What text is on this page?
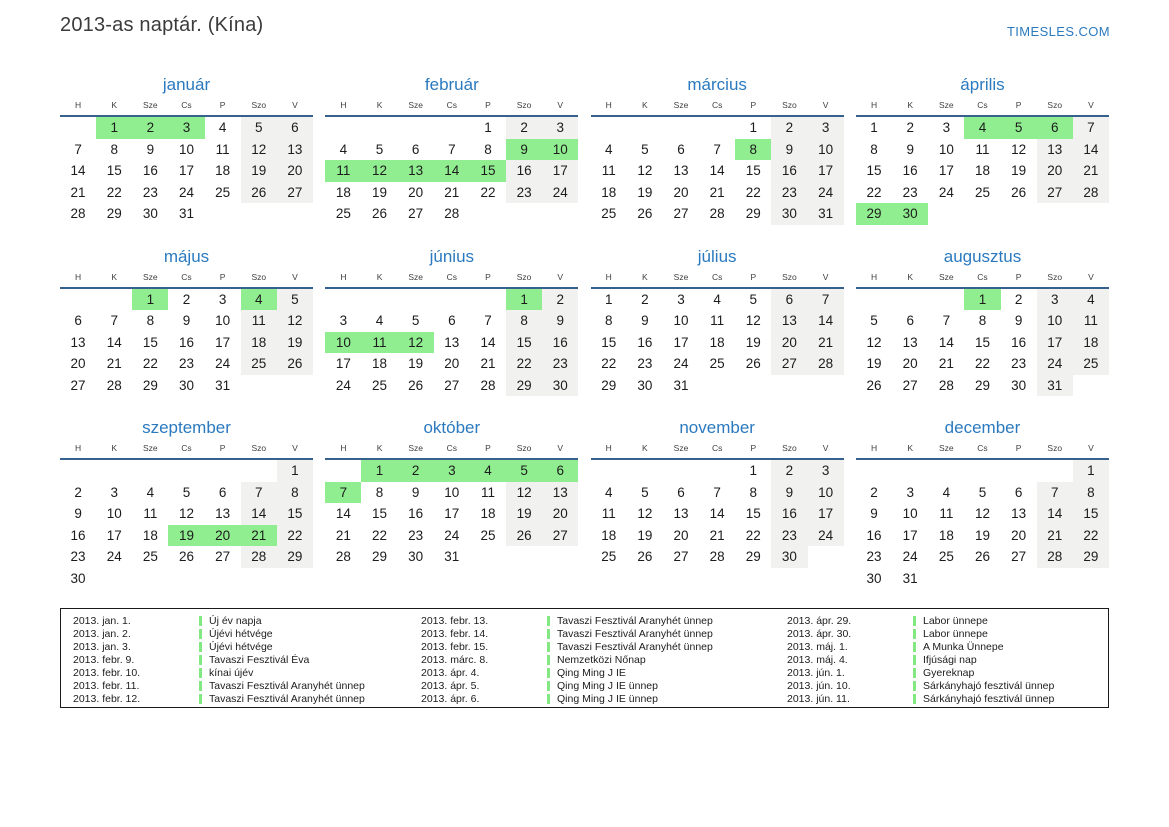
2013-as naptár. (Kína)	TIMESLES.COM
január
H	K	Sze	Cs	P	Szo	V
	1	2	3	4	5	6
7	8	9	10	11	12	13
14	15	16	17	18	19	20
21	22	23	24	25	26	27
28	29	30	31			
február
H	K	Sze	Cs	P	Szo	V
				1	2	3
4	5	6	7	8	9	10
11	12	13	14	15	16	17
18	19	20	21	22	23	24
25	26	27	28			
március
H	K	Sze	Cs	P	Szo	V
				1	2	3
4	5	6	7	8	9	10
11	12	13	14	15	16	17
18	19	20	21	22	23	24
25	26	27	28	29	30	31
április
H	K	Sze	Cs	P	Szo	V
1	2	3	4	5	6	7
8	9	10	11	12	13	14
15	16	17	18	19	20	21
22	23	24	25	26	27	28
29	30					
május
H	K	Sze	Cs	P	Szo	V
		1	2	3	4	5
6	7	8	9	10	11	12
13	14	15	16	17	18	19
20	21	22	23	24	25	26
27	28	29	30	31		
június
H	K	Sze	Cs	P	Szo	V
					1	2
3	4	5	6	7	8	9
10	11	12	13	14	15	16
17	18	19	20	21	22	23
24	25	26	27	28	29	30
július
H	K	Sze	Cs	P	Szo	V
1	2	3	4	5	6	7
8	9	10	11	12	13	14
15	16	17	18	19	20	21
22	23	24	25	26	27	28
29	30	31				
augusztus
H	K	Sze	Cs	P	Szo	V
			1	2	3	4
5	6	7	8	9	10	11
12	13	14	15	16	17	18
19	20	21	22	23	24	25
26	27	28	29	30	31	
szeptember
H	K	Sze	Cs	P	Szo	V
						1
2	3	4	5	6	7	8
9	10	11	12	13	14	15
16	17	18	19	20	21	22
23	24	25	26	27	28	29
30						
október
H	K	Sze	Cs	P	Szo	V
	1	2	3	4	5	6
7	8	9	10	11	12	13
14	15	16	17	18	19	20
21	22	23	24	25	26	27
28	29	30	31			
november
H	K	Sze	Cs	P	Szo	V
				1	2	3
4	5	6	7	8	9	10
11	12	13	14	15	16	17
18	19	20	21	22	23	24
25	26	27	28	29	30	
december
H	K	Sze	Cs	P	Szo	V
						1
2	3	4	5	6	7	8
9	10	11	12	13	14	15
16	17	18	19	20	21	22
23	24	25	26	27	28	29
30	31					
2013. jan. 1.	Új év napja
2013. jan. 2.	Újévi hétvége
2013. jan. 3.	Újévi hétvége
2013. febr. 9.	Tavaszi Fesztivál Éva
2013. febr. 10.	kínai újév
2013. febr. 11.	Tavaszi Fesztivál Aranyhét ünnep
2013. febr. 12.	Tavaszi Fesztivál Aranyhét ünnep
2013. febr. 13.	Tavaszi Fesztivál Aranyhét ünnep
2013. febr. 14.	Tavaszi Fesztivál Aranyhét ünnep
2013. febr. 15.	Tavaszi Fesztivál Aranyhét ünnep
2013. márc. 8.	Nemzetközi Nőnap
2013. ápr. 4.	Qing Ming J IE
2013. ápr. 5.	Qing Ming J IE ünnep
2013. ápr. 6.	Qing Ming J IE ünnep
2013. ápr. 29.	Labor ünnepe
2013. ápr. 30.	Labor ünnepe
2013. máj. 1.	A Munka Ünnepe
2013. máj. 4.	Ifjúsági nap
2013. jún. 1.	Gyereknap
2013. jún. 10.	Sárkányhajó fesztivál ünnep
2013. jún. 11.	Sárkányhajó fesztivál ünnep
